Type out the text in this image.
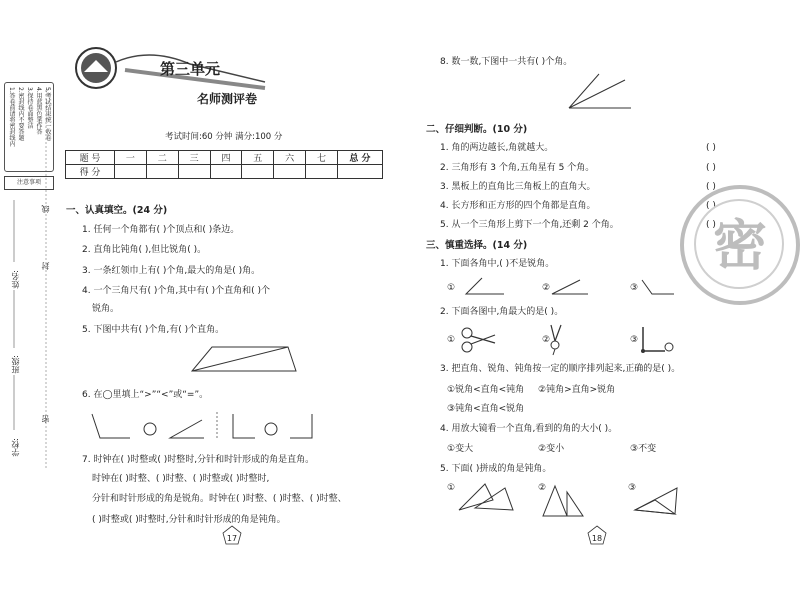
1.答卷前请将密封线内 2.密封线内不要答题 3.保持卷面整洁 4.用蓝黑色笔作答 5.考试结束统一收卷
注意事项
姓名:
班级:
学校:
线
封
密
第三单元
名师测评卷
考试时间:60 分钟 满分:100 分
题 号	一	二	三	四	五	六	七	总 分
得 分								
一、认真填空。(24 分)
1. 任何一个角都有( )个顶点和( )条边。
2. 直角比钝角( ),但比锐角( )。
3. 一条红领巾上有( )个角,最大的角是( )角。
4. 一个三角尺有( )个角,其中有( )个直角和( )个
锐角。
5. 下图中共有( )个角,有( )个直角。
6. 在◯里填上“>”“<”或“=”。
7. 时钟在( )时整或( )时整时,分针和时针形成的角是直角。
时钟在( )时整、( )时整、( )时整或( )时整时,
分针和时针形成的角是锐角。时钟在( )时整、( )时整、( )时整、
( )时整或( )时整时,分针和时针形成的角是钝角。
17
8. 数一数,下图中一共有( )个角。
二、仔细判断。(10 分)
1. 角的两边越长,角就越大。	( )
2. 三角形有 3 个角,五角星有 5 个角。	( )
3. 黑板上的直角比三角板上的直角大。	( )
4. 长方形和正方形的四个角都是直角。	( )
5. 从一个三角形上剪下一个角,还剩 2 个角。	( )
密
三、慎重选择。(14 分)
1. 下面各角中,( )不是锐角。
①	②	③
2. 下面各图中,角最大的是( )。
①	②	③
3. 把直角、锐角、钝角按一定的顺序排列起来,正确的是( )。
①锐角<直角<钝角 ②钝角>直角>锐角
③钝角<直角<锐角
4. 用放大镜看一个直角,看到的角的大小( )。
①变大	②变小	③不变
5. 下面( )拼成的角是钝角。
①	②	③
18
